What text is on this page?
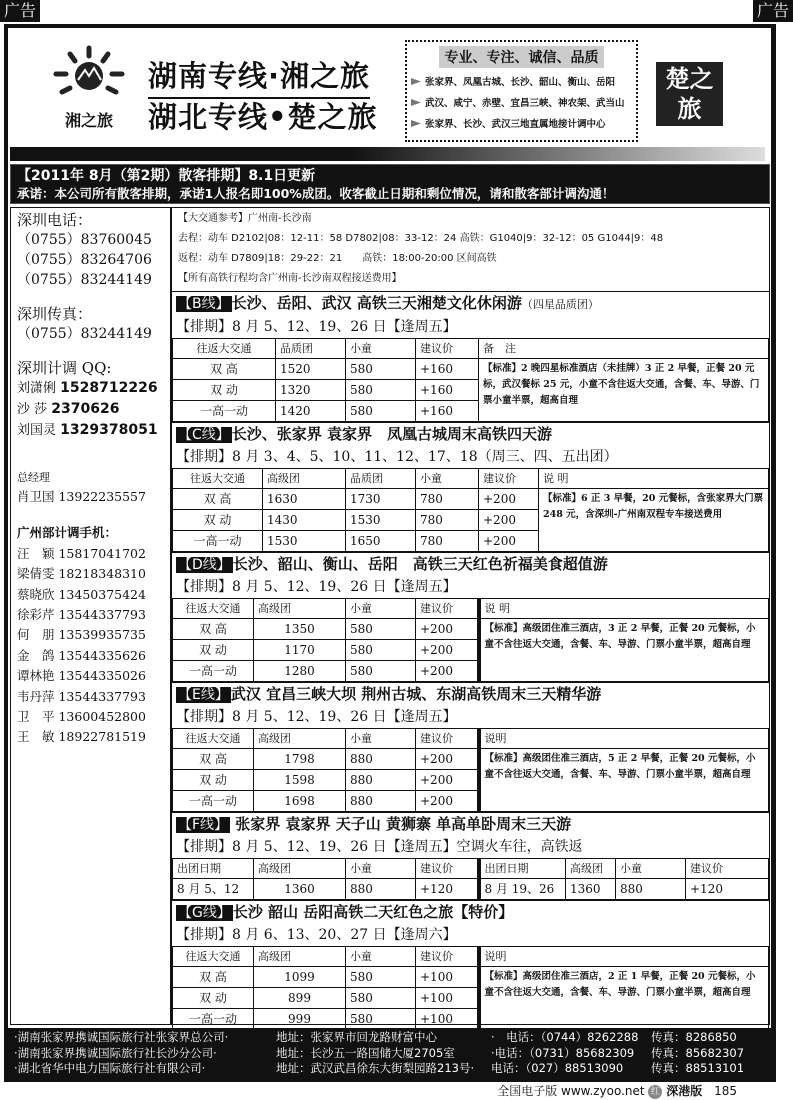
广告	广告
湘之旅
湖南专线·湘之旅
湖北专线•楚之旅
专业、专注、诚信、品质
张家界、凤凰古城、长沙、韶山、衡山、岳阳
武汉、咸宁、赤壁、宜昌三峡、神农架、武当山
张家界、长沙、武汉三地直属地接计调中心
楚之旅
【2011年 8月（第2期）散客排期】8.1日更新
承诺：本公司所有散客排期，承诺1人报名即100%成团。收客截止日期和剩位情况，请和散客部计调沟通！
深圳电话：
（0755）83760045
（0755）83264706
（0755）83244149
深圳传真：
（0755）83244149
深圳计调 QQ:
刘潇俐 1528712226
沙 莎 2370626
刘国灵 1329378051
总经理
肖卫国 13922235557
广州部计调手机：
汪　颖 15817041702
梁倩雯 18218348310
蔡晓欣 13450375424
徐彩芹 13544337793
何　朋 13539935735
金　鸽 13544335626
谭林艳 13544335026
韦丹萍 13544337793
卫　平 13600452800
王　敏 18922781519
【大交通参考】广州南-长沙南
去程：动车 D2102|08：12-11：58 D7802|08：33-12：24 高铁：G1040|9：32-12：05 G1044|9：48
返程：动车 D7809|18：29-22：21　　高铁：18:00-20:00 区间高铁
【所有高铁行程均含广州南-长沙南双程接送费用】
【B线】 长沙、岳阳、武汉 高铁三天湘楚文化休闲游（四星品质团）
【排期】8 月 5、12、19、26 日【逢周五】
往返大交通	品质团	小童	建议价	备　注
双 高	1520	580	+160	【标准】2 晚四星标准酒店（未挂牌）3 正 2 早餐，正餐 20 元标，武汉餐标 25 元，小童不含往返大交通，含餐、车、导游、门票小童半票，超高自理
双 动	1320	580	+160	
一高一动	1420	580	+160	
【C线】 长沙、张家界 袁家界　凤凰古城周末高铁四天游
【排期】8 月 3、4、5、10、11、12、17、18（周三、四、五出团）
往返大交通	高级团	品质团	小童	建议价	说 明
双 高	1630	1730	780	+200	【标准】6 正 3 早餐，20 元餐标，含张家界大门票 248 元，含深圳-广州南双程专车接送费用
双 动	1430	1530	780	+200	
一高一动	1530	1650	780	+200	
【D线】 长沙、韶山、衡山、岳阳　高铁三天红色祈福美食超值游
【排期】8 月 5、12、19、26 日【逢周五】
往返大交通	高级团	小童	建议价	说 明
双 高	1350	580	+200	【标准】高级团住准三酒店，3 正 2 早餐，正餐 20 元餐标，小童不含往返大交通，含餐、车、导游、门票小童半票，超高自理
双 动	1170	580	+200	
一高一动	1280	580	+200	
【E线】 武汉 宜昌三峡大坝 荆州古城、东湖高铁周末三天精华游
【排期】8 月 5、12、19、26 日【逢周五】
往返大交通	高级团	小童	建议价	说明
双 高	1798	880	+200	【标准】高级团住准三酒店，5 正 2 早餐，正餐 20 元餐标，小童不含往返大交通，含餐、车、导游、门票小童半票，超高自理
双 动	1598	880	+200	
一高一动	1698	880	+200	
【F线】 张家界 袁家界 天子山 黄狮寨 单高单卧周末三天游
【排期】8 月 5、12、19、26 日【逢周五】空调火车往，高铁返
出团日期	高级团	小童	建议价	出团日期	高级团	小童	建议价
8 月 5、12	1360	880	+120	8 月 19、26	1360	880	+120
【G线】 长沙 韶山 岳阳高铁二天红色之旅【特价】
【排期】8 月 6、13、20、27 日【逢周六】
往返大交通	高级团	小童	建议价	说明
双 高	1099	580	+100	【标准】高级团住准三酒店，2 正 1 早餐，正餐 20 元餐标，小童不含往返大交通，含餐、车、导游、门票小童半票，超高自理
双 动	899	580	+100	
一高一动	999	580	+100	
·湖南张家界携诚国际旅行社张家界总公司·	地址：张家界市回龙路财富中心	·　电话：（0744）8262288	传真：8286850
·湖南张家界携诚国际旅行社长沙分公司·	地址：长沙五一路国储大厦2705室	·电话：（0731）85682309	传真：85682307
·湖北省华中电力国际旅行社有限公司·	地址：武汉武昌徐东大街梨园路213号·	电话：（027）88513090	传真：88513101
全国电子版 www.zyoo.net 红 深港版 185
